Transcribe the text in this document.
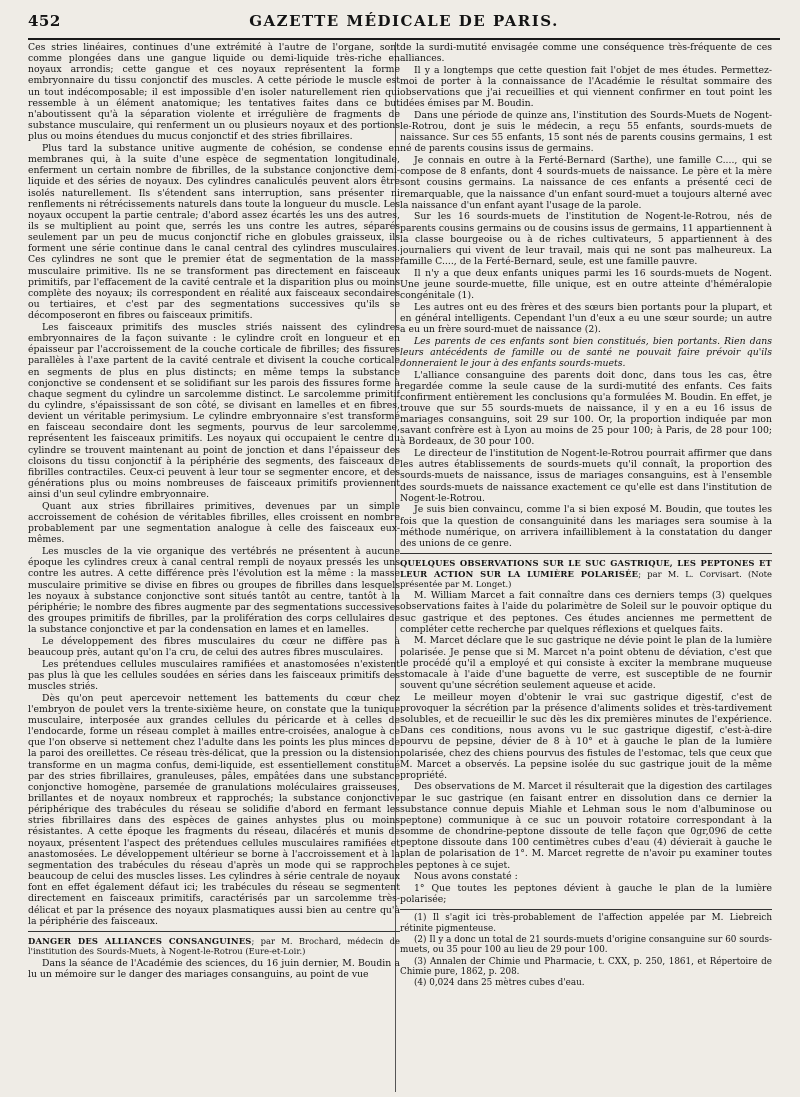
452	GAZETTE MÉDICALE DE PARIS.

Ces stries linéaires, continues d'une extrémité à l'autre de l'organe, sont comme plongées dans une gangue liquide ou demi-liquide très-riche en noyaux arrondis; cette gangue et ces noyaux représentent la forme embryonnaire du tissu conjonctif des muscles. A cette période le muscle est un tout indécomposable; il est impossible d'en isoler naturellement rien qui ressemble à un élément anatomique; les tentatives faites dans ce but n'aboutissent qu'à la séparation violente et irrégulière de fragments de substance musculaire, qui renferment un ou plusieurs noyaux et des portions plus ou moins étendues du mucus conjonctif et des stries fibrillaires.

Plus tard la substance unitive augmente de cohésion, se condense en membranes qui, à la suite d'une espèce de segmentation longitudinale, enferment un certain nombre de fibrilles, de la substance conjonctive demi-liquide et des séries de noyaux. Des cylindres canaliculés peuvent alors être isolés naturellement. Ils s'étendent sans interruption, sans présenter ni renflements ni rétrécissements naturels dans toute la longueur du muscle. Les noyaux occupent la partie centrale; d'abord assez écartés les uns des autres, ils se multiplient au point que, serrés les uns contre les autres, séparés seulement par un peu de mucus conjonctif riche en globules graisseux, ils forment une série continue dans le canal central des cylindres musculaires. Ces cylindres ne sont que le premier état de segmentation de la masse musculaire primitive. Ils ne se transforment pas directement en faisceaux primitifs, par l'effacement de la cavité centrale et la disparition plus ou moins complète des noyaux; ils correspondent en réalité aux faisceaux secondaires ou tertiaires, et c'est par des segmentations successives qu'ils se décomposeront en fibres ou faisceaux primitifs.

Les faisceaux primitifs des muscles striés naissent des cylindres embryonnaires de la façon suivante : le cylindre croît en longueur et en épaisseur par l'accroissement de la couche corticale de fibrilles; des fissures parallèles à l'axe partent de la cavité centrale et divisent la couche corticale en segments de plus en plus distincts; en même temps la substance conjonctive se condensent et se solidifiant sur les parois des fissures forme à chaque segment du cylindre un sarcolemme distinct. Le sarcolemme primitif du cylindre, s'épaississant de son côté, se divisant en lamelles et en fibres, devient un véritable perimysium. Le cylindre embryonnaire s'est transformé en faisceau secondaire dont les segments, pourvus de leur sarcolemme, représentent les faisceaux primitifs. Les noyaux qui occupaient le centre du cylindre se trouvent maintenant au point de jonction et dans l'épaisseur des cloisons du tissu conjonctif à la périphérie des segments, des faisceaux de fibrilles contractiles. Ceux-ci peuvent à leur tour se segmenter encore, et des générations plus ou moins nombreuses de faisceaux primitifs proviennent ainsi d'un seul cylindre embryonnaire.

Quant aux stries fibrillaires primitives, devenues par un simple accroissement de cohésion de véritables fibrilles, elles croissent en nombre probablement par une segmentation analogue à celle des faisceaux eux-mêmes.

Les muscles de la vie organique des vertébrés ne présentent à aucune époque les cylindres creux à canal central rempli de noyaux pressés les uns contre les autres. A cette différence près l'évolution est la même : la masse musculaire primitive se divise en fibres ou groupes de fibrilles dans lesquels les noyaux à substance conjonctive sont situés tantôt au centre, tantôt à la périphérie; le nombre des fibres augmente par des segmentations successives des groupes primitifs de fibrilles, par la prolifération des corps cellulaires de la substance conjonctive et par la condensation en lames et en lamelles.

Le développement des fibres musculaires du cœur ne diffère pas à beaucoup près, autant qu'on l'a cru, de celui des autres fibres musculaires.

Les prétendues cellules musculaires ramifiées et anastomosées n'existent pas plus là que les cellules soudées en séries dans les faisceaux primitifs des muscles striés.

Dès qu'on peut apercevoir nettement les battements du cœur chez l'embryon de poulet vers la trente-sixième heure, on constate que la tunique musculaire, interposée aux grandes cellules du péricarde et à celles de l'endocarde, forme un réseau complet à mailles entre-croisées, analogue à ce que l'on observe si nettement chez l'adulte dans les points les plus minces de la paroi des oreillettes. Ce réseau très-délicat, que la pression ou la distension transforme en un magma confus, demi-liquide, est essentiellement constitué par des stries fibrillaires, granuleuses, pâles, empâtées dans une substance conjonctive homogène, parsemée de granulations moléculaires graisseuses, brillantes et de noyaux nombreux et rapprochés; la substance conjonctive périphérique des trabécules du réseau se solidifie d'abord en fermant les stries fibrillaires dans des espèces de gaines anhystes plus ou moins résistantes. A cette époque les fragments du réseau, dilacérés et munis de noyaux, présentent l'aspect des prétendues cellules musculaires ramifiées et anastomosées. Le développement ultérieur se borne à l'accroissement et à la segmentation des trabécules du réseau d'après un mode qui se rapproche beaucoup de celui des muscles lisses. Les cylindres à série centrale de noyaux font en effet également défaut ici; les trabécules du réseau se segmentent directement en faisceaux primitifs, caractérisés par un sarcolemme très-délicat et par la présence des noyaux plasmatiques aussi bien au centre qu'à la périphérie des faisceaux.

DANGER DES ALLIANCES CONSANGUINES; par M. Brochard, médecin de l'institution des Sourds-Muets, à Nogent-le-Rotrou (Eure-et-Loir.)

Dans la séance de l'Académie des sciences, du 16 juin dernier, M. Boudin a lu un mémoire sur le danger des mariages consanguins, au point de vue

de la surdi-mutité envisagée comme une conséquence très-fréquente de ces alliances.

Il y a longtemps que cette question fait l'objet de mes études. Permettez-moi de porter à la connaissance de l'Académie le résultat sommaire des observations que j'ai recueillies et qui viennent confirmer en tout point les idées émises par M. Boudin.

Dans une période de quinze ans, l'institution des Sourds-Muets de Nogent-le-Rotrou, dont je suis le médecin, a reçu 55 enfants, sourds-muets de naissance. Sur ces 55 enfants, 15 sont nés de parents cousins germains, 1 est né de parents cousins issus de germains.

Je connais en outre à la Ferté-Bernard (Sarthe), une famille C...., qui se compose de 8 enfants, dont 4 sourds-muets de naissance. Le père et la mère sont cousins germains. La naissance de ces enfants a présenté ceci de remarquable, que la naissance d'un enfant sourd-muet a toujours alterné avec la naissance d'un enfant ayant l'usage de la parole.

Sur les 16 sourds-muets de l'institution de Nogent-le-Rotrou, nés de parents cousins germains ou de cousins issus de germains, 11 appartiennent à la classe bourgeoise ou à de riches cultivateurs, 5 appartiennent à des journaliers qui vivent de leur travail, mais qui ne sont pas malheureux. La famille C...., de la Ferté-Bernard, seule, est une famille pauvre.

Il n'y a que deux enfants uniques parmi les 16 sourds-muets de Nogent. Une jeune sourde-muette, fille unique, est en outre atteinte d'héméralopie congénitale (1).

Les autres ont eu des frères et des sœurs bien portants pour la plupart, et en général intelligents. Cependant l'un d'eux a eu une sœur sourde; un autre a eu un frère sourd-muet de naissance (2).

Les parents de ces enfants sont bien constitués, bien portants. Rien dans leurs antécédents de famille ou de santé ne pouvait faire prévoir qu'ils donneraient le jour à des enfants sourds-muets.

L'alliance consanguine des parents doit donc, dans tous les cas, être regardée comme la seule cause de la surdi-mutité des enfants. Ces faits confirment entièrement les conclusions qu'a formulées M. Boudin. En effet, je trouve que sur 55 sourds-muets de naissance, il y en a eu 16 issus de mariages consanguins, soit 29 sur 100. Or, la proportion indiquée par mon savant confrère est à Lyon au moins de 25 pour 100; à Paris, de 28 pour 100; à Bordeaux, de 30 pour 100.

Le directeur de l'institution de Nogent-le-Rotrou pourrait affirmer que dans les autres établissements de sourds-muets qu'il connaît, la proportion des sourds-muets de naissance, issus de mariages consanguins, est à l'ensemble des sourds-muets de naissance exactement ce qu'elle est dans l'institution de Nogent-le-Rotrou.

Je suis bien convaincu, comme l'a si bien exposé M. Boudin, que toutes les fois que la question de consanguinité dans les mariages sera soumise à la méthode numérique, on arrivera infailliblement à la constatation du danger des unions de ce genre.

QUELQUES OBSERVATIONS SUR LE SUC GASTRIQUE, LES PEPTONES ET LEUR ACTION SUR LA LUMIÈRE POLARISÉE; par M. L. Corvisart. (Note présentée par M. Longet.)

M. William Marcet a fait connaître dans ces derniers temps (3) quelques observations faites à l'aide du polarimètre de Soleil sur le pouvoir optique du suc gastrique et des peptones. Ces études anciennes me permettent de compléter cette recherche par quelques réflexions et quelques faits.

M. Marcet déclare que le suc gastrique ne dévie point le plan de la lumière polarisée. Je pense que si M. Marcet n'a point obtenu de déviation, c'est que le procédé qu'il a employé et qui consiste à exciter la membrane muqueuse stomacale à l'aide d'une baguette de verre, est susceptible de ne fournir souvent qu'une sécrétion seulement aqueuse et acide.

Le meilleur moyen d'obtenir le vrai suc gastrique digestif, c'est de provoquer la sécrétion par la présence d'aliments solides et très-tardivement solubles, et de recueillir le suc dès les dix premières minutes de l'expérience. Dans ces conditions, nous avons vu le suc gastrique digestif, c'est-à-dire pourvu de pepsine, dévier de 8 à 10° et à gauche le plan de la lumière polarisée, chez des chiens pourvus des fistules de l'estomac, tels que ceux que M. Marcet a observés. La pepsine isolée du suc gastrique jouit de la même propriété.

Des observations de M. Marcet il résulterait que la digestion des cartilages par le suc gastrique (en faisant entrer en dissolution dans ce dernier la substance connue depuis Miahle et Lehman sous le nom d'albuminose ou peptone) communique à ce suc un pouvoir rotatoire correspondant à la somme de chondrine-peptone dissoute de telle façon que 0gr,096 de cette peptone dissoute dans 100 centimètres cubes d'eau (4) dévierait à gauche le plan de polarisation de 1°. M. Marcet regrette de n'avoir pu examiner toutes les peptones à ce sujet.

Nous avons constaté :

1° Que toutes les peptones dévient à gauche le plan de la lumière polarisée;

(1) Il s'agit ici très-probablement de l'affection appelée par M. Liebreich rétinite pigmenteuse.

(2) Il y a donc un total de 21 sourds-muets d'origine consanguine sur 60 sourds-muets, ou 35 pour 100 au lieu de 29 pour 100.

(3) Annalen der Chimie und Pharmacie, t. CXX, p. 250, 1861, et Répertoire de Chimie pure, 1862, p. 208.

(4) 0,024 dans 25 mètres cubes d'eau.
